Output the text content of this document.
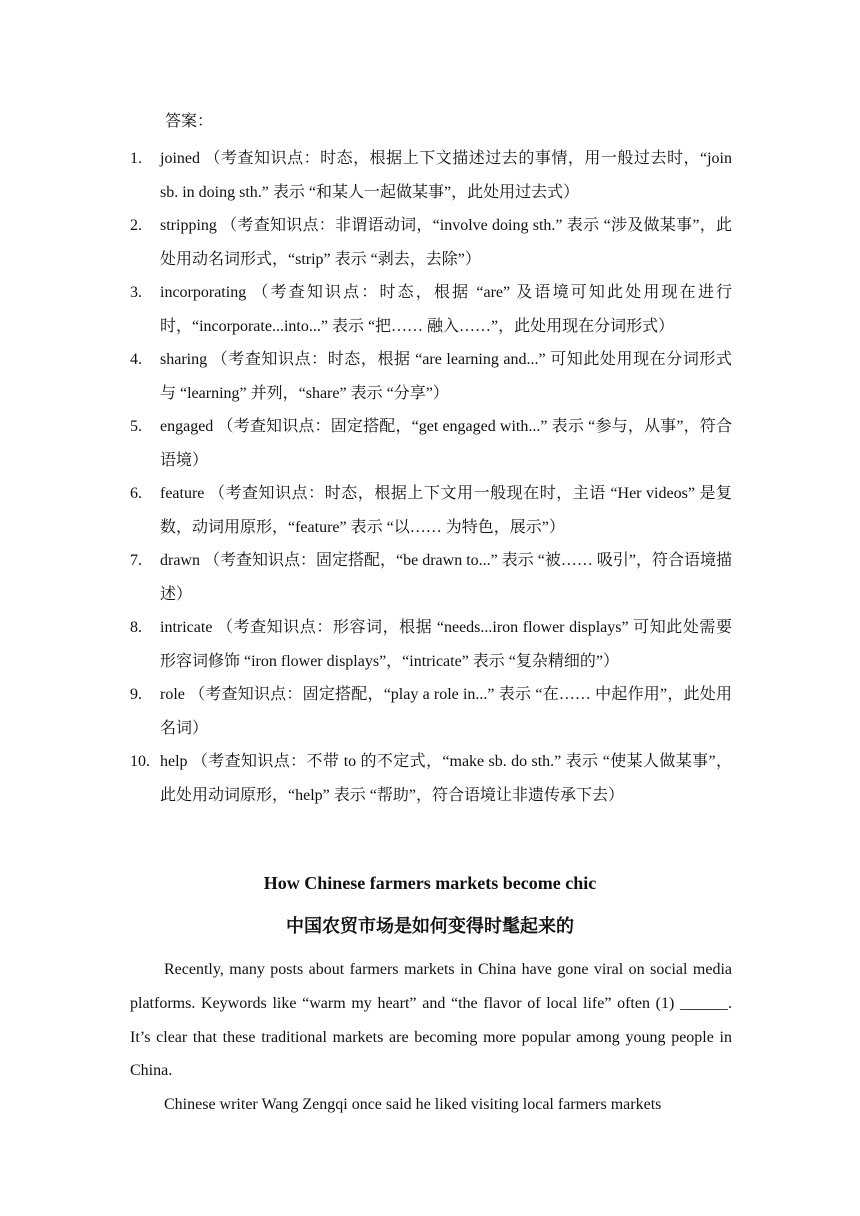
答案：
1. joined （考查知识点：时态，根据上下文描述过去的事情，用一般过去时，“join sb. in doing sth.” 表示 “和某人一起做某事”，此处用过去式）
2. stripping （考查知识点：非谓语动词，“involve doing sth.” 表示 “涉及做某事”，此处用动名词形式，“strip” 表示 “剥去，去除”）
3. incorporating （考查知识点：时态，根据 “are” 及语境可知此处用现在进行时，“incorporate...into...” 表示 “把…… 融入……”，此处用现在分词形式）
4. sharing （考查知识点：时态，根据 “are learning and...” 可知此处用现在分词形式与 “learning” 并列，“share” 表示 “分享”）
5. engaged （考查知识点：固定搭配，“get engaged with...” 表示 “参与，从事”，符合语境）
6. feature （考查知识点：时态，根据上下文用一般现在时，主语 “Her videos” 是复数，动词用原形，“feature” 表示 “以…… 为特色，展示”）
7. drawn （考查知识点：固定搭配，“be drawn to...” 表示 “被…… 吸引”，符合语境描述）
8. intricate （考查知识点：形容词，根据 “needs...iron flower displays” 可知此处需要形容词修饰 “iron flower displays”，“intricate” 表示 “复杂精细的”）
9. role （考查知识点：固定搭配，“play a role in...” 表示 “在…… 中起作用”，此处用名词）
10. help （考查知识点：不带 to 的不定式，“make sb. do sth.” 表示 “使某人做某事”，此处用动词原形，“help” 表示 “帮助”，符合语境让非遗传承下去）
How Chinese farmers markets become chic
中国农贸市场是如何变得时髦起来的

Recently, many posts about farmers markets in China have gone viral on social media platforms. Keywords like “warm my heart” and “the flavor of local life” often (1) ______. It’s clear that these traditional markets are becoming more popular among young people in China.

Chinese writer Wang Zengqi once said he liked visiting local farmers markets
